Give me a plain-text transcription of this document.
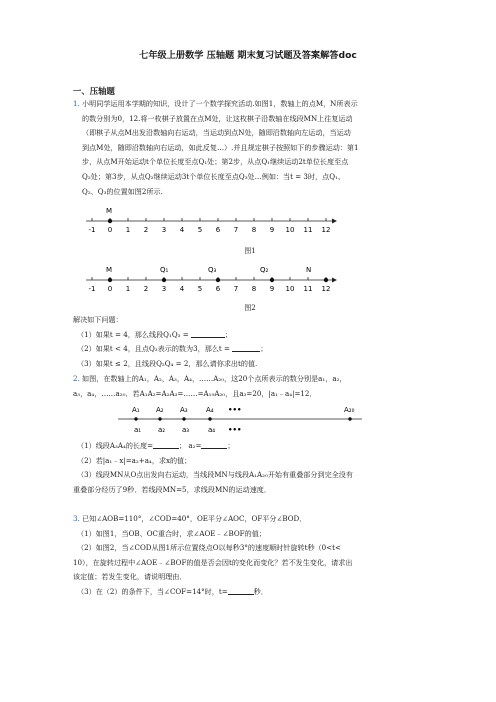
七年级上册数学 压轴题 期末复习试题及答案解答doc
一、压轴题
1. 小明同学运用本学期的知识，设计了一个数学探究活动.如图1，数轴上的点M，N所表示
的数分别为0，12.将一枚棋子放置在点M处，让这枚棋子沿数轴在线段MN上往复运动
（即棋子从点M出发沿数轴向右运动，当运动到点N处，随即沿数轴向左运动，当运动
到点M处，随即沿数轴向右运动，如此反复…）.并且规定棋子按照如下的步骤运动：第1
步，从点M开始运动t个单位长度至点Q₁处；第2步，从点Q₁继续运动2t单位长度至点
Q₂处；第3步，从点Q₂继续运动3t个单位长度至点Q₃处…例如：当t = 3时，点Q₁、
Q₂、Q₃的位置如图2所示.
-1 0 1 2 3 4 5 6 7 8 9 10 11 12
M
图1
-1 0 1 2 3 4 5 6 7 8 9 10 11 12
M	Q₁	Q₃	Q₂	N
图2
解决如下问题：
（1）如果t = 4，那么线段Q₁Q₃ =	；
（2）如果t < 4，且点Q₃表示的数为3，那么t =	；
（3）如果t ≤ 2，且线段Q₂Q₄ = 2，那么请你求出t的值.
2. 如图，在数轴上的A₁，A₂，A₃，A₄，……A₂₀，这20个点所表示的数分别是a₁，a₂，
a₃，a₄，……a₂₀．若A₁A₂=A₂A₃=……=A₁₉A₂₀，且a₃=20，|a₁﹣a₄|=12．
A₁ A₂ A₃	A₄ •••	A₂₀
a₁ a₂ a₃	a₄ •••
（1）线段A₃A₄的长度=	； a₂=	；
（2）若|a₁﹣x|=a₂+a₄，求x的值；
（3）线段MN从O点出发向右运动，当线段MN与线段A₁A₂₀开始有重叠部分到完全没有
重叠部分经历了9秒．若线段MN=5，求线段MN的运动速度．
3. 已知∠AOB=110°，∠COD=40°，OE平分∠AOC，OF平分∠BOD．
（1）如图1，当OB、OC重合时，求∠AOE﹣∠BOF的值；
（2）如图2，当∠COD从图1所示位置绕点O以每秒3°的速度顺时针旋转t秒（0<t<
10），在旋转过程中∠AOE﹣∠BOF的值是否会因t的变化而变化？若不发生变化，请求出
该定值；若发生变化，请说明理由．
（3）在（2）的条件下，当∠COF=14°时，t=	秒．
